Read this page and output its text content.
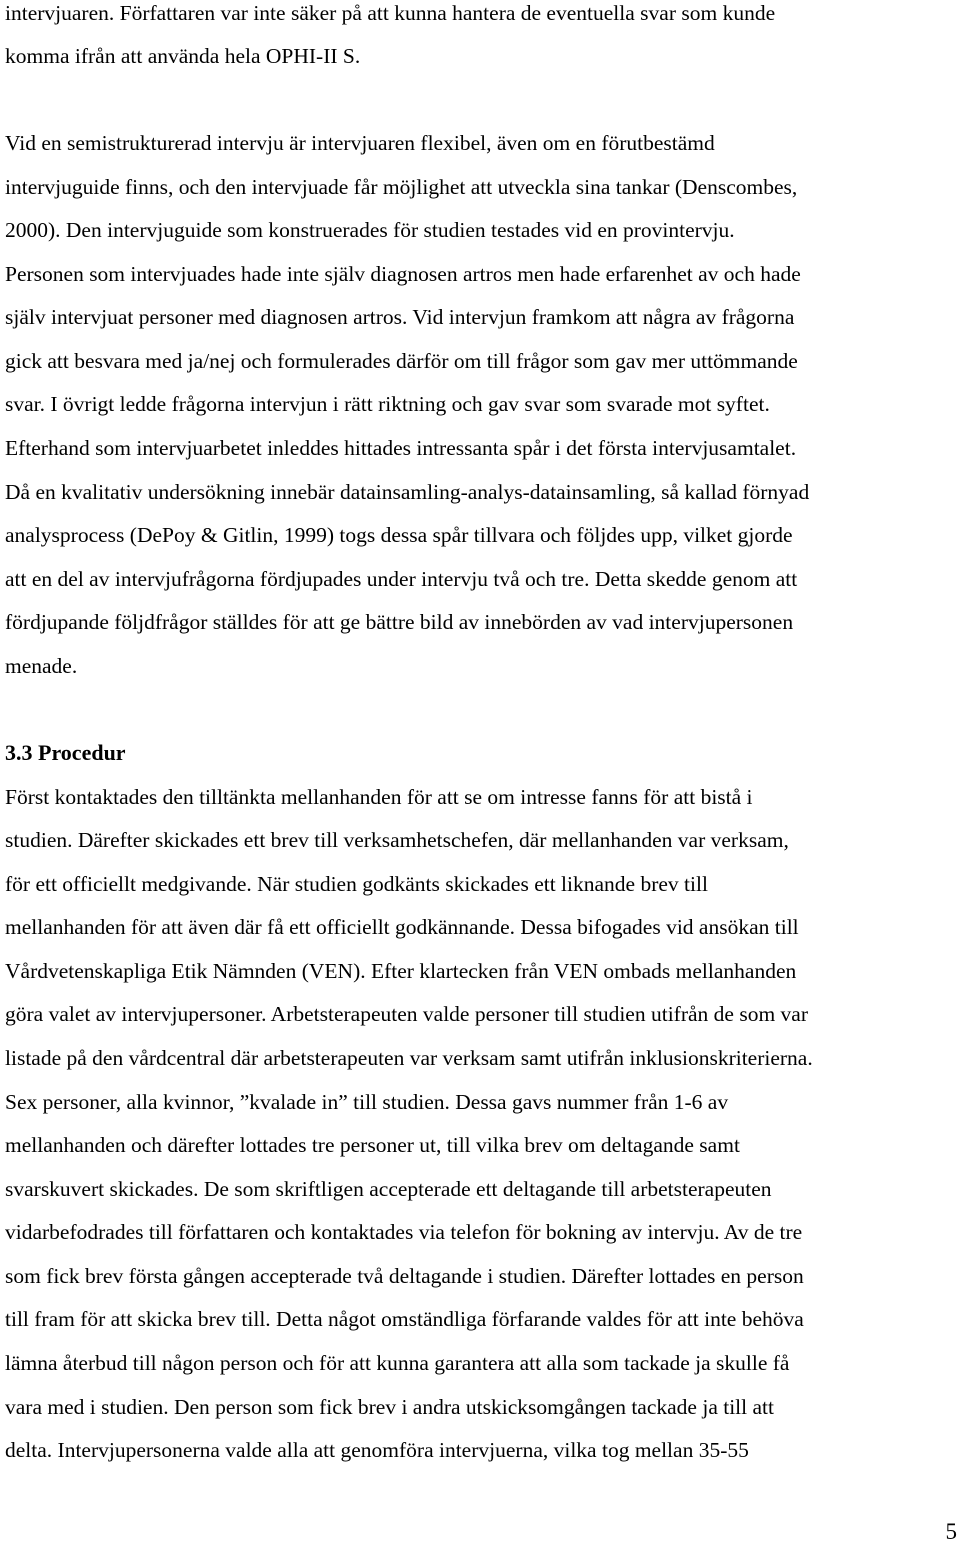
intervjuaren. Författaren var inte säker på att kunna hantera de eventuella svar som kunde

komma ifrån att använda hela OPHI-II S.

Vid en semistrukturerad intervju är intervjuaren flexibel, även om en förutbestämd

intervjuguide finns, och den intervjuade får möjlighet att utveckla sina tankar (Denscombes,

2000). Den intervjuguide som konstruerades för studien testades vid en provintervju.

Personen som intervjuades hade inte själv diagnosen artros men hade erfarenhet av och hade

själv intervjuat personer med diagnosen artros. Vid intervjun framkom att några av frågorna

gick att besvara med ja/nej och formulerades därför om till frågor som gav mer uttömmande

svar. I övrigt ledde frågorna intervjun i rätt riktning och gav svar som svarade mot syftet.

Efterhand som intervjuarbetet inleddes hittades intressanta spår i det första intervjusamtalet.

Då en kvalitativ undersökning innebär datainsamling-analys-datainsamling, så kallad förnyad

analysprocess (DePoy & Gitlin, 1999) togs dessa spår tillvara och följdes upp, vilket gjorde

att en del av intervjufrågorna fördjupades under intervju två och tre. Detta skedde genom att

fördjupande följdfrågor ställdes för att ge bättre bild av innebörden av vad intervjupersonen

menade.

3.3 Procedur

Först kontaktades den tilltänkta mellanhanden för att se om intresse fanns för att bistå i

studien. Därefter skickades ett brev till verksamhetschefen, där mellanhanden var verksam,

för ett officiellt medgivande. När studien godkänts skickades ett liknande brev till

mellanhanden för att även där få ett officiellt godkännande. Dessa bifogades vid ansökan till

Vårdvetenskapliga Etik Nämnden (VEN). Efter klartecken från VEN ombads mellanhanden

göra valet av intervjupersoner. Arbetsterapeuten valde personer till studien utifrån de som var

listade på den vårdcentral där arbetsterapeuten var verksam samt utifrån inklusionskriterierna.

Sex personer, alla kvinnor, ”kvalade in” till studien. Dessa gavs nummer från 1-6 av

mellanhanden och därefter lottades tre personer ut, till vilka brev om deltagande samt

svarskuvert skickades. De som skriftligen accepterade ett deltagande till arbetsterapeuten

vidarbefodrades till författaren och kontaktades via telefon för bokning av intervju. Av de tre

som fick brev första gången accepterade två deltagande i studien. Därefter lottades en person

till fram för att skicka brev till. Detta något omständliga förfarande valdes för att inte behöva

lämna återbud till någon person och för att kunna garantera att alla som tackade ja skulle få

vara med i studien. Den person som fick brev i andra utskicksomgången tackade ja till att

delta. Intervjupersonerna valde alla att genomföra intervjuerna, vilka tog mellan 35-55

5
